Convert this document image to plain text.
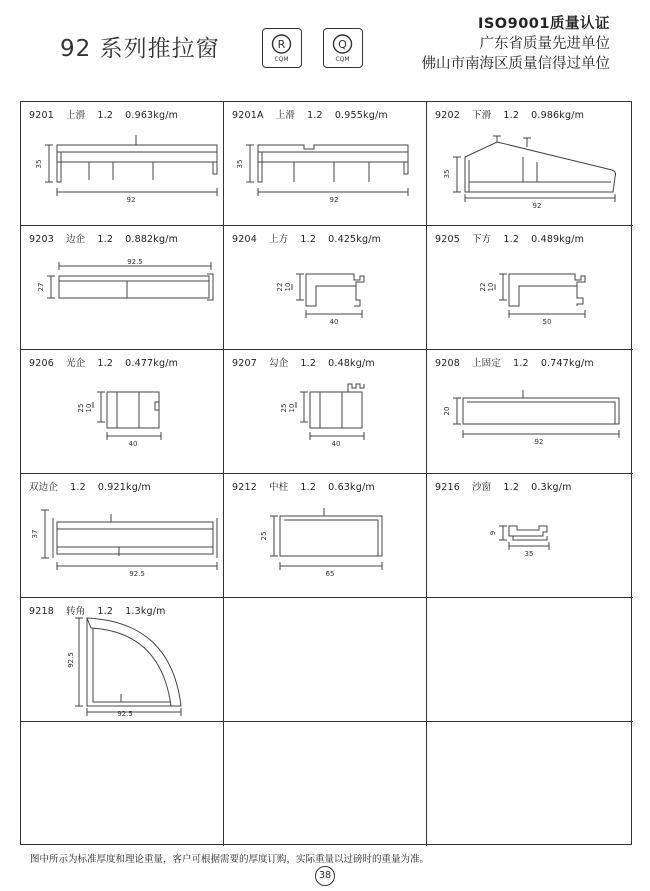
92 系列推拉窗	R
CQM
Q
CQM
ISO9001质量认证
广东省质量先进单位
佛山市南海区质量信得过单位
9201 上滑 1.2 0.963kg/m
92
35
9201A 上滑 1.2 0.955kg/m
92
35
9202 下滑 1.2 0.986kg/m
92
35
9203 边企 1.2 0.882kg/m
92.5
27
9204 上方 1.2 0.425kg/m
40
22 10
9205 下方 1.2 0.489kg/m
50
22 10
9206 光企 1.2 0.477kg/m
40
25 10
9207 勾企 1.2 0.48kg/m
40
25 10
9208 上固定 1.2 0.747kg/m
92
20
双边企 1.2 0.921kg/m
92.5
37
9212 中柱 1.2 0.63kg/m
65
25
9216 沙窗 1.2 0.3kg/m
35
9
9218 转角 1.2 1.3kg/m
92.5
92.5
图中所示为标准厚度和理论重量，客户可根据需要的厚度订购，实际重量以过磅时的重量为准。
38
